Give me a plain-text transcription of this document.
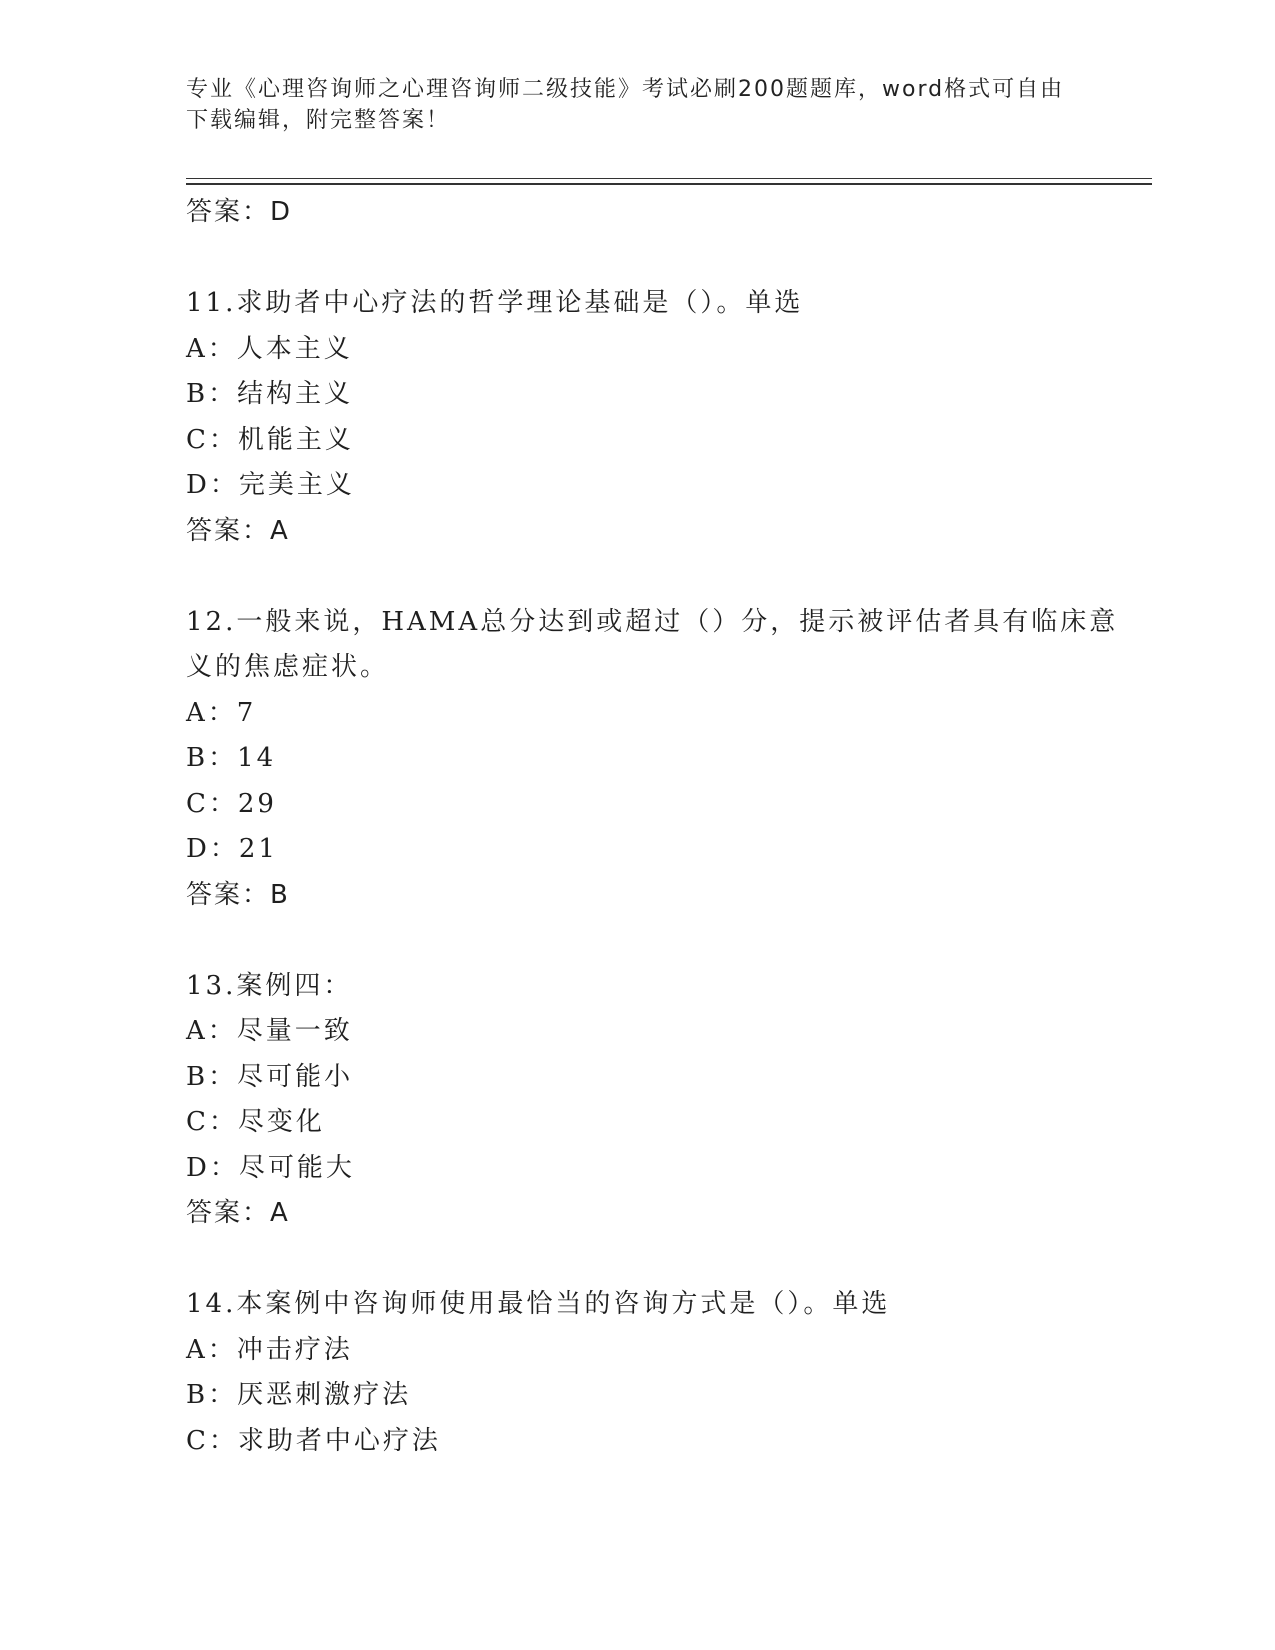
专业《心理咨询师之心理咨询师二级技能》考试必刷200题题库，word格式可自由下载编辑，附完整答案！
答案：D
11.求助者中心疗法的哲学理论基础是（）。单选
A：人本主义
B：结构主义
C：机能主义
D：完美主义
答案：A
12.一般来说，HAMA总分达到或超过（）分，提示被评估者具有临床意
义的焦虑症状。
A：7
B：14
C：29
D：21
答案：B
13.案例四：
A：尽量一致
B：尽可能小
C：尽变化
D：尽可能大
答案：A
14.本案例中咨询师使用最恰当的咨询方式是（）。单选
A：冲击疗法
B：厌恶刺激疗法
C：求助者中心疗法
